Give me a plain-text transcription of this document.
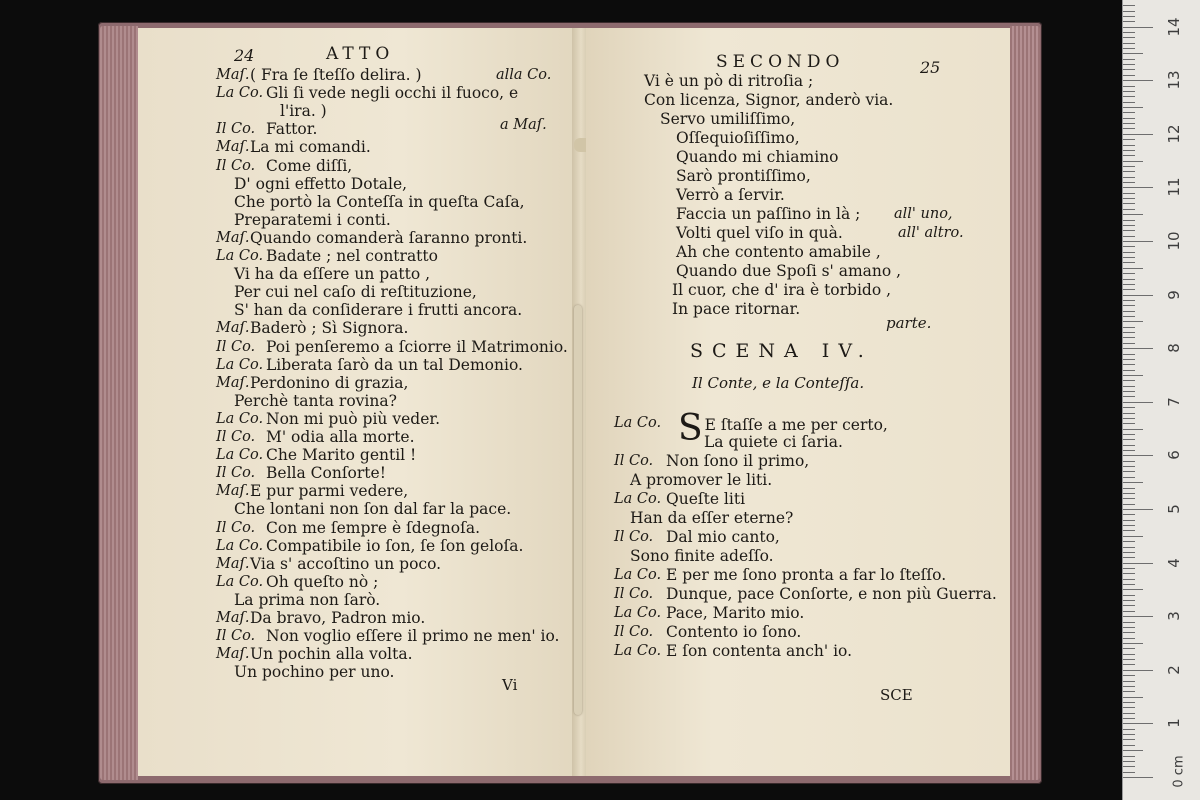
24	ATTO
Maſ. ( Fra ſe ſteſſo delira. )	alla Co.
La Co. Gli ſi vede negli occhi il fuoco, e
l'ira. )
a Maſ.
Il Co. Fattor.
Maſ. La mi comandi.
Il Co. Come diſſi,
D' ogni effetto Dotale,
Che portò la Conteſſa in queſta Caſa,
Preparatemi i conti.
Maſ. Quando comanderà ſaranno pronti.
La Co. Badate ; nel contratto
Vi ha da eſſere un patto ,
Per cui nel caſo di reſtituzione,
S' han da conſiderare i frutti ancora.
Maſ. Baderò ; Sì Signora.
Il Co. Poi penſeremo a ſciorre il Matrimonio.
La Co. Liberata ſarò da un tal Demonio.
Maſ. Perdonino di grazia,
Perchè tanta rovina?
La Co. Non mi può più veder.
Il Co. M' odia alla morte.
La Co. Che Marito gentil !
Il Co. Bella Conſorte!
Maſ. E pur parmi vedere,
Che lontani non ſon dal far la pace.
Il Co. Con me ſempre è ſdegnoſa.
La Co. Compatibile io ſon, ſe ſon geloſa.
Maſ. Via s' accoſtino un poco.
La Co. Oh queſto nò ;
La prima non ſarò.
Maſ. Da bravo, Padron mio.
Il Co. Non voglio eſſere il primo ne men' io.
Maſ. Un pochin alla volta.
Un pochino per uno.
Vi
SECONDO	25
Vi è un pò di ritroſia ;
Con licenza, Signor, anderò via.
Servo umiliſſimo,
Oſſequioſiſſimo,
Quando mi chiamino
Sarò prontiſſimo,
Verrò a ſervir.
Faccia un paſſino in là ; all' uno,
Volti quel viſo in quà.	all' altro.
Ah che contento amabile ,
Quando due Spoſi s' amano ,
Il cuor, che d' ira è torbido ,
In pace ritornar.
parte.
SCENA IV.
Il Conte, e la Conteſſa.
La Co. S E ſtaſſe a me per certo,
La quiete ci ſaria.
Il Co. Non ſono il primo,
A promover le liti.
La Co. Queſte liti
Han da eſſer eterne?
Il Co. Dal mio canto,
Sono finite adeſſo.
La Co. E per me ſono pronta a far lo ſteſſo.
Il Co. Dunque, pace Conſorte, e non più Guerra.
La Co. Pace, Marito mio.
Il Co. Contento io ſono.
La Co. E ſon contenta anch' io.
SCE
1
2
3
4
5
6
7
8
9
10
11
12
13
14
0 cm
